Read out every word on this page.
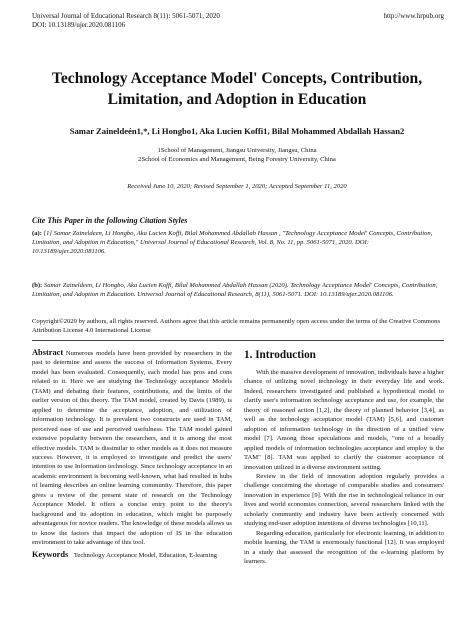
Universal Journal of Educational Research 8(11): 5061-5071, 2020
DOI: 10.13189/ujer.2020.081106
http://www.hrpub.org
Technology Acceptance Model' Concepts, Contribution,
Limitation, and Adoption in Education
Samar Zaineldeén1,*, Li Hongbo1, Aka Lucien Koffi1, Bilal Mohammed Abdallah Hassan2
1School of Management, Jiangsu University, Jiangsu, China
2School of Economics and Management, Being Forestry University, China
Received June 10, 2020; Revised September 1, 2020; Accepted September 11, 2020
Cite This Paper in the following Citation Styles
(a): [1] Samar Zaineldeen, Li Hongbo, Aka Lucien Koffi, Bilal Mohammed Abdallah Hassan , "Technology Acceptance Model' Concepts, Contribution, Limitation, and Adoption in Education," Universal Journal of Educational Research, Vol. 8, No. 11, pp. 5061-5071, 2020. DOI: 10.13189/ujer.2020.081106.
(b): Samar Zaineldeen, Li Hongbo, Aka Lucien Koffi, Bilal Mohammed Abdallah Hassan (2020). Technology Acceptance Model' Concepts, Contribution, Limitation, and Adoption in Education. Universal Journal of Educational Research, 8(11), 5061-5071. DOI: 10.13189/ujer.2020.081106.
Copyright©2020 by authors, all rights reserved. Authors agree that this article remains permanently open access under the terms of the Creative Commons Attribution License 4.0 International License
Abstract Numerous models have been provided by researchers in the past to determine and assess the success of Information Systems. Every model has been evaluated. Consequently, each model has pros and cons related to it. Here we are studying the Technology acceptance Models (TAM) and debating their features, contributions, and the limits of the earlier version of this theory. The TAM model, created by Davis (1989), is applied to determine the acceptance, adoption, and utilization of information technology. It is prevalent two constructs are used in TAM, perceived ease of use and perceived usefulness. The TAM model gained extensive popularity between the researchers, and it is among the most effective models. TAM is dissimilar to other models as it does not measure success. However, it is employed to investigate and predict the users' intention to use Information technology. Since technology acceptance in an academic environment is becoming well-known, what had resulted in hubs of learning describes an online learning community. Therefore, this paper gives a review of the present state of research on the Technology Acceptance Model. It offers a concise entry point to the theory's background and its adoption in education, which might be purposely advantageous for novice readers. The knowledge of these models allows us to know the factors that impact the adoption of IS in the education environment to take advantage of this tool.
Keywords Technology Acceptance Model, Education, E-learning
1. Introduction

With the massive development of innovation, individuals have a higher chance of utilizing novel technology in their everyday life and work. Indeed, researchers investigated and published a hypothetical model to clarify user's information technology acceptance and use, for example, the theory of reasoned action [1,2], the theory of planned behavior [3,4], as well as the technology acceptance model (TAM) [5,6], and customer adoption of information technology in the direction of a unified view model [7]. Among those speculations and models, "one of a broadly applied models of information technologies acceptance and employ is the TAM" [8]. TAM was applied to clarify the customer acceptance of innovation utilized in a diverse environment setting.

Review in the field of innovation adoption regularly provides a challenge concerning the shortage of comparable studies and consumers' innovation in experience [9]. With the rise in technological reliance in our lives and world economies connection, several researchers linked with the scholarly community and industry have been actively concerned with studying end-user adoption intentions of diverse technologies [10,11].

Regarding education, particularly for electronic learning, in addition to mobile learning, the TAM is enormously functional [12]. It was employed in a study that assessed the recognition of the e-learning platform by learners.
